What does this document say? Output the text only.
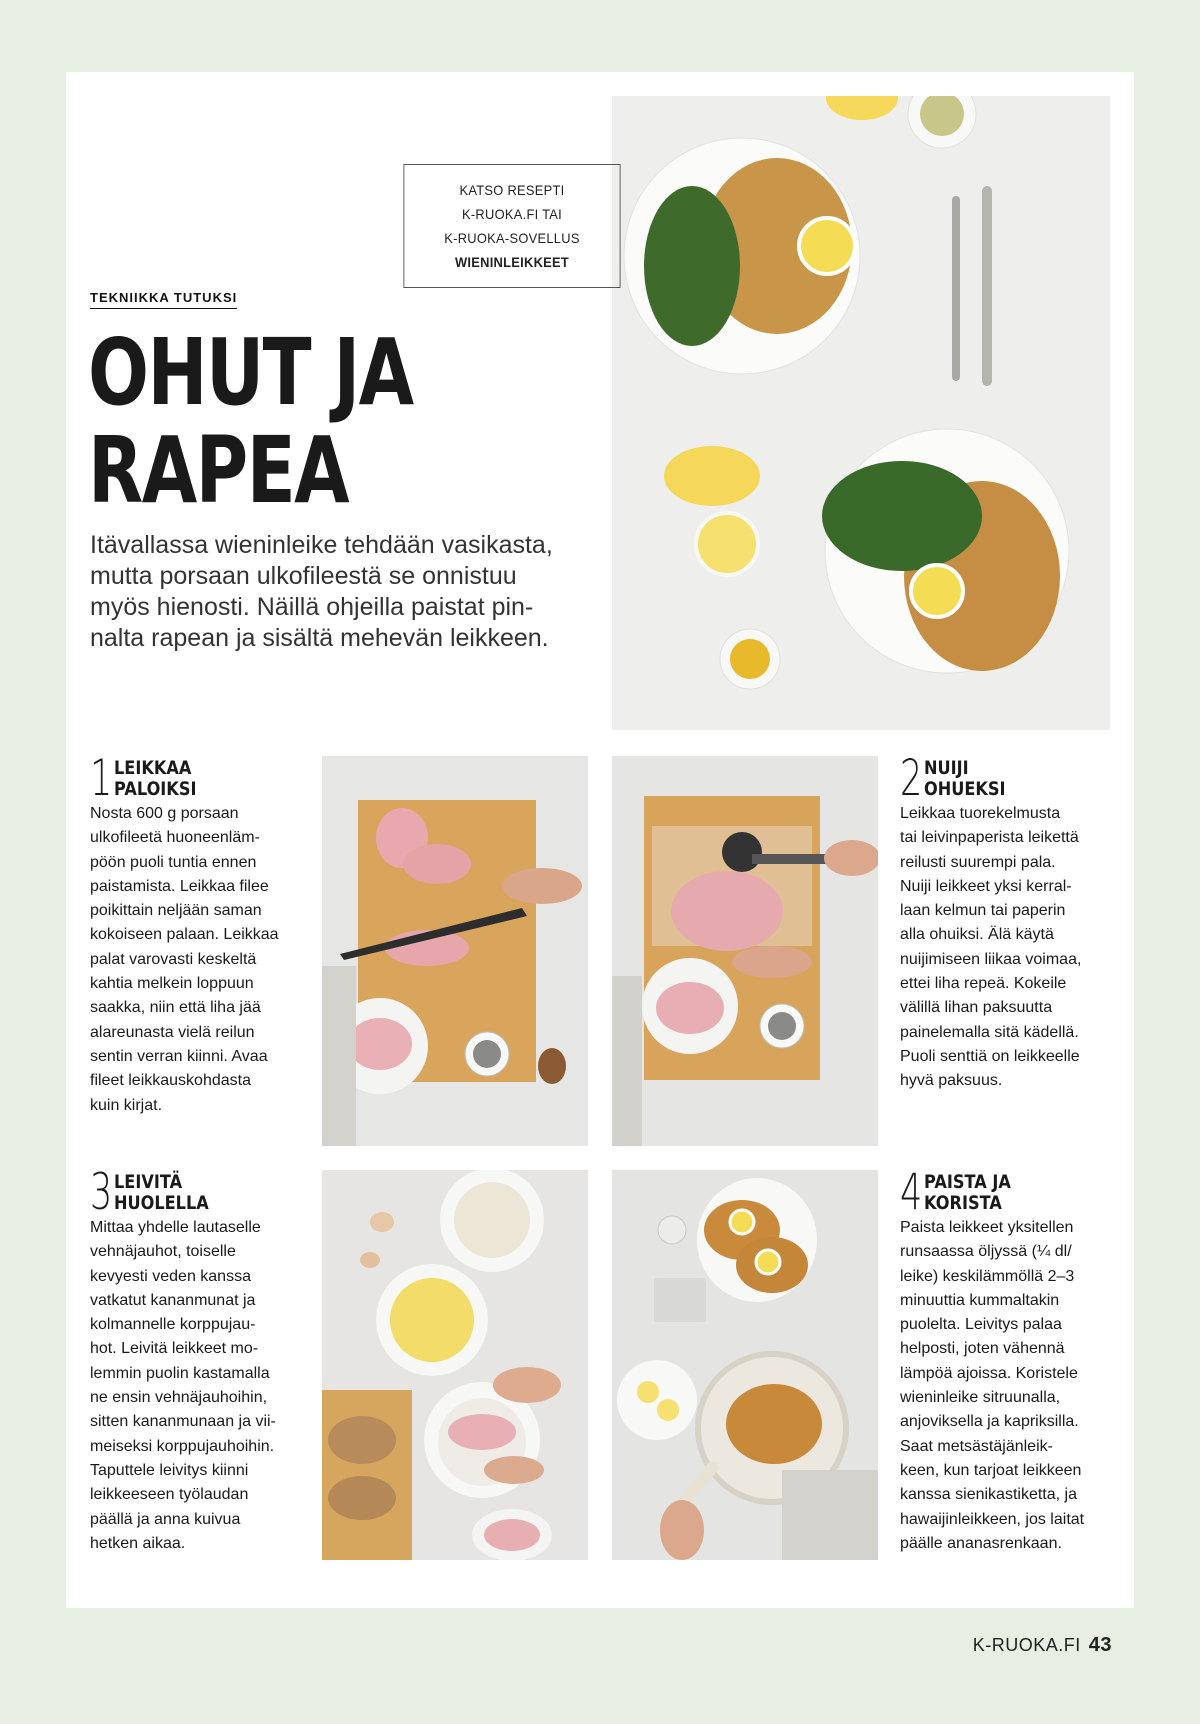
KATSO RESEPTI
K-RUOKA.FI TAI
K-RUOKA-SOVELLUS
WIENINLEIKKEET
TEKNIIKKA TUTUKSI
OHUT JA
RAPEA
Itävallassa wieninleike tehdään vasikasta,
mutta porsaan ulkofileestä se onnistuu
myös hienosti. Näillä ohjeilla paistat pin-
nalta rapean ja sisältä mehevän leikkeen.
1 LEIKKAA
PALOIKSI
Nosta 600 g porsaan
ulkofileetä huoneenläm-
pöön puoli tuntia ennen
paistamista. Leikkaa filee
poikittain neljään saman
kokoiseen palaan. Leikkaa
palat varovasti keskeltä
kahtia melkein loppuun
saakka, niin että liha jää
alareunasta vielä reilun
sentin verran kiinni. Avaa
fileet leikkauskohdasta
kuin kirjat.
2 NUIJI
OHUEKSI
Leikkaa tuorekelmusta
tai leivinpaperista leikettä
reilusti suurempi pala.
Nuiji leikkeet yksi kerral-
laan kelmun tai paperin
alla ohuiksi. Älä käytä
nuijimiseen liikaa voimaa,
ettei liha repeä. Kokeile
välillä lihan paksuutta
painelemalla sitä kädellä.
Puoli senttiä on leikkeelle
hyvä paksuus.
3 LEIVITÄ
HUOLELLA
Mittaa yhdelle lautaselle
vehnäjauhot, toiselle
kevyesti veden kanssa
vatkatut kananmunat ja
kolmannelle korppujau-
hot. Leivitä leikkeet mo-
lemmin puolin kastamalla
ne ensin vehnäjauhoihin,
sitten kananmunaan ja vii-
meiseksi korppujauhoihin.
Taputtele leivitys kiinni
leikkeeseen työlaudan
päällä ja anna kuivua
hetken aikaa.
4 PAISTA JA
KORISTA
Paista leikkeet yksitellen
runsaassa öljyssä (¼ dl/
leike) keskilämmöllä 2–3
minuuttia kummaltakin
puolelta. Leivitys palaa
helposti, joten vähennä
lämpöä ajoissa. Koristele
wieninleike sitruunalla,
anjoviksella ja kapriksilla.
Saat metsästäjänleik-
keen, kun tarjoat leikkeen
kanssa sienikastiketta, ja
hawaijinleikkeen, jos laitat
päälle ananasrenkaan.
K-RUOKA.FI 43
